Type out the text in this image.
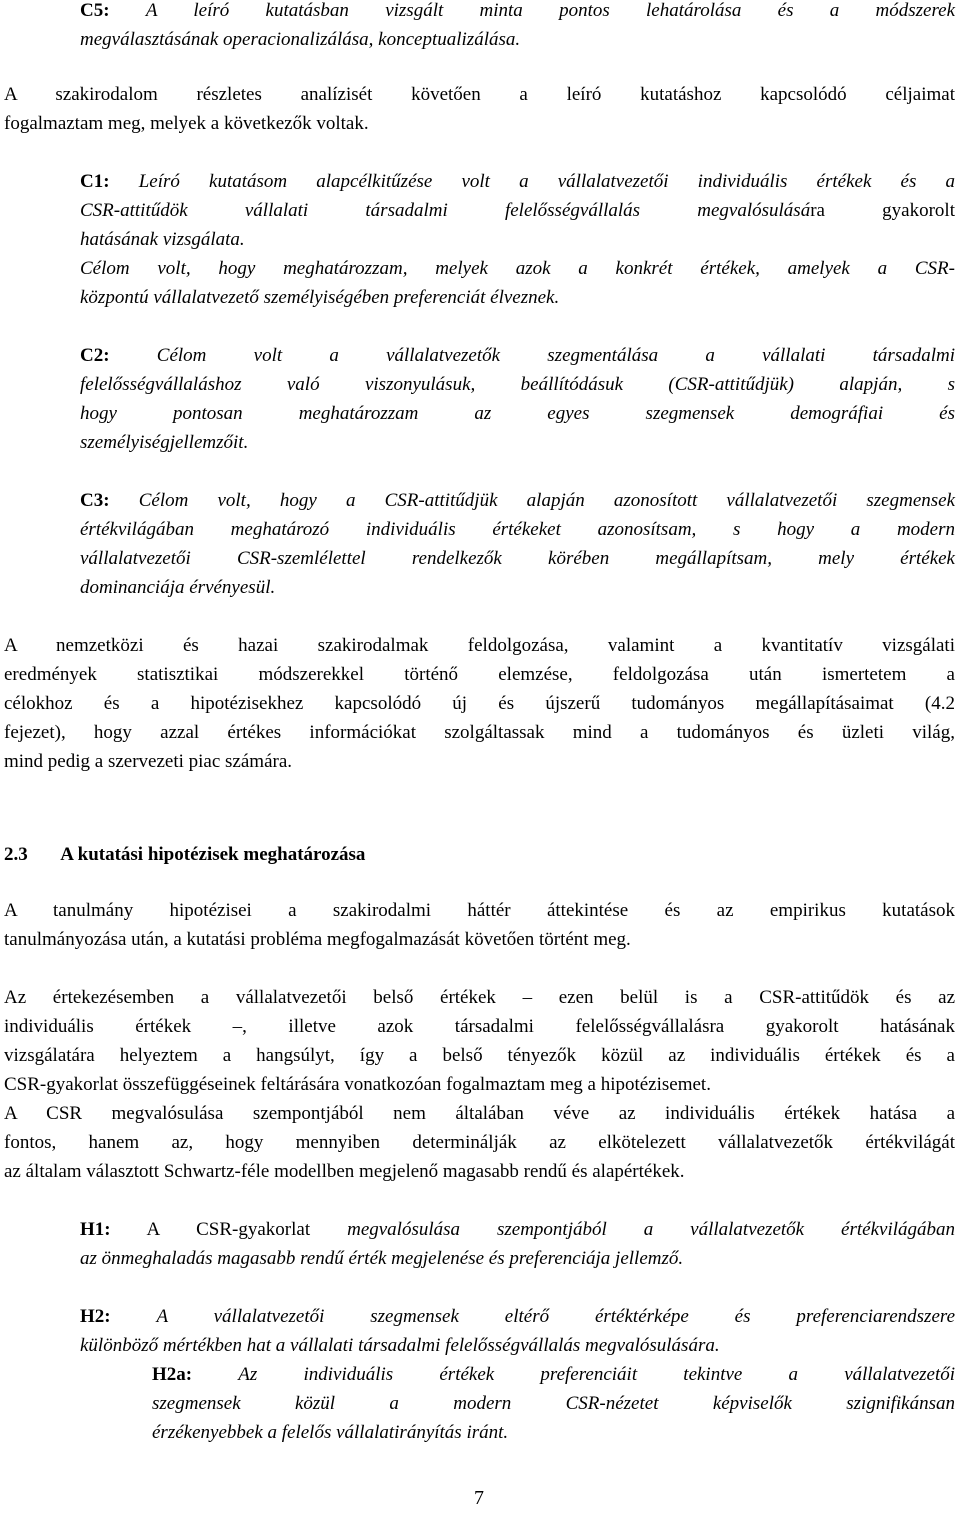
C5: A leíró kutatásban vizsgált minta pontos lehatárolása és a módszerek
megválasztásának operacionalizálása, konceptualizálása.
A szakirodalom részletes analízisét követően a leíró kutatáshoz kapcsolódó céljaimat
fogalmaztam meg, melyek a következők voltak.
C1: Leíró kutatásom alapcélkitűzése volt a vállalatvezetői individuális értékek és a
CSR-attitűdök vállalati társadalmi felelősségvállalás megvalósulására gyakorolt
hatásának vizsgálata.
Célom volt, hogy meghatározzam, melyek azok a konkrét értékek, amelyek a CSR-
központú vállalatvezető személyiségében preferenciát élveznek.
C2: Célom volt a vállalatvezetők szegmentálása a vállalati társadalmi
felelősségvállaláshoz való viszonyulásuk, beállítódásuk (CSR-attitűdjük) alapján, s
hogy pontosan meghatározzam az egyes szegmensek demográfiai és
személyiségjellemzőit.
C3: Célom volt, hogy a CSR-attitűdjük alapján azonosított vállalatvezetői szegmensek
értékvilágában meghatározó individuális értékeket azonosítsam, s hogy a modern
vállalatvezetői CSR-szemlélettel rendelkezők körében megállapítsam, mely értékek
dominanciája érvényesül.
A nemzetközi és hazai szakirodalmak feldolgozása, valamint a kvantitatív vizsgálati
eredmények statisztikai módszerekkel történő elemzése, feldolgozása után ismertetem a
célokhoz és a hipotézisekhez kapcsolódó új és újszerű tudományos megállapításaimat (4.2
fejezet), hogy azzal értékes információkat szolgáltassak mind a tudományos és üzleti világ,
mind pedig a szervezeti piac számára.
2.3 A kutatási hipotézisek meghatározása
A tanulmány hipotézisei a szakirodalmi háttér áttekintése és az empirikus kutatások
tanulmányozása után, a kutatási probléma megfogalmazását követően történt meg.
Az értekezésemben a vállalatvezetői belső értékek – ezen belül is a CSR-attitűdök és az
individuális értékek –, illetve azok társadalmi felelősségvállalásra gyakorolt hatásának
vizsgálatára helyeztem a hangsúlyt, így a belső tényezők közül az individuális értékek és a
CSR-gyakorlat összefüggéseinek feltárására vonatkozóan fogalmaztam meg a hipotézisemet.
A CSR megvalósulása szempontjából nem általában véve az individuális értékek hatása a
fontos, hanem az, hogy mennyiben determinálják az elkötelezett vállalatvezetők értékvilágát
az általam választott Schwartz-féle modellben megjelenő magasabb rendű és alapértékek.
H1: A CSR-gyakorlat megvalósulása szempontjából a vállalatvezetők értékvilágában
az önmeghaladás magasabb rendű érték megjelenése és preferenciája jellemző.
H2: A vállalatvezetői szegmensek eltérő értéktérképe és preferenciarendszere
különböző mértékben hat a vállalati társadalmi felelősségvállalás megvalósulására.
H2a: Az individuális értékek preferenciáit tekintve a vállalatvezetői
szegmensek közül a modern CSR-nézetet képviselők szignifikánsan
érzékenyebbek a felelős vállalatirányítás iránt.
7
